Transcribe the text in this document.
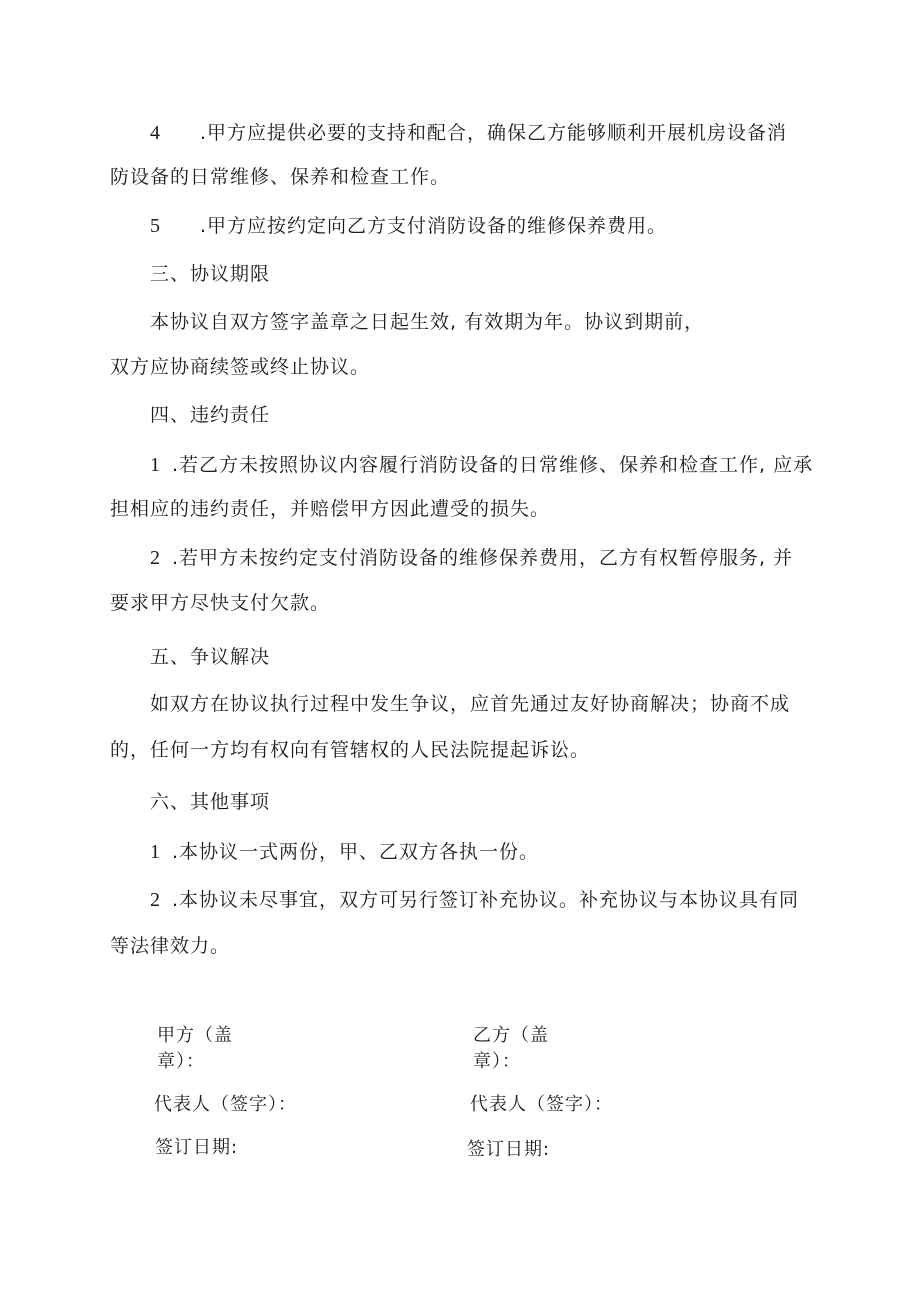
4 .甲方应提供必要的支持和配合，确保乙方能够顺利开展机房设备消
防设备的日常维修、保养和检查工作。
5 .甲方应按约定向乙方支付消防设备的维修保养费用。
三、协议期限
本协议自双方签字盖章之日起生效, 有效期为年。协议到期前，
双方应协商续签或终止协议。
四、违约责任
1 .若乙方未按照协议内容履行消防设备的日常维修、保养和检查工作, 应承
担相应的违约责任，并赔偿甲方因此遭受的损失。
2 .若甲方未按约定支付消防设备的维修保养费用，乙方有权暂停服务, 并
要求甲方尽快支付欠款。
五、争议解决
如双方在协议执行过程中发生争议，应首先通过友好协商解决；协商不成
的，任何一方均有权向有管辖权的人民法院提起诉讼。
六、其他事项
1 .本协议一式两份，甲、乙双方各执一份。
2 .本协议未尽事宜，双方可另行签订补充协议。补充协议与本协议具有同
等法律效力。
甲方（盖
章）：
代表人（签字）：
签订日期:
乙方（盖
章）：
代表人（签字）：
签订日期:
